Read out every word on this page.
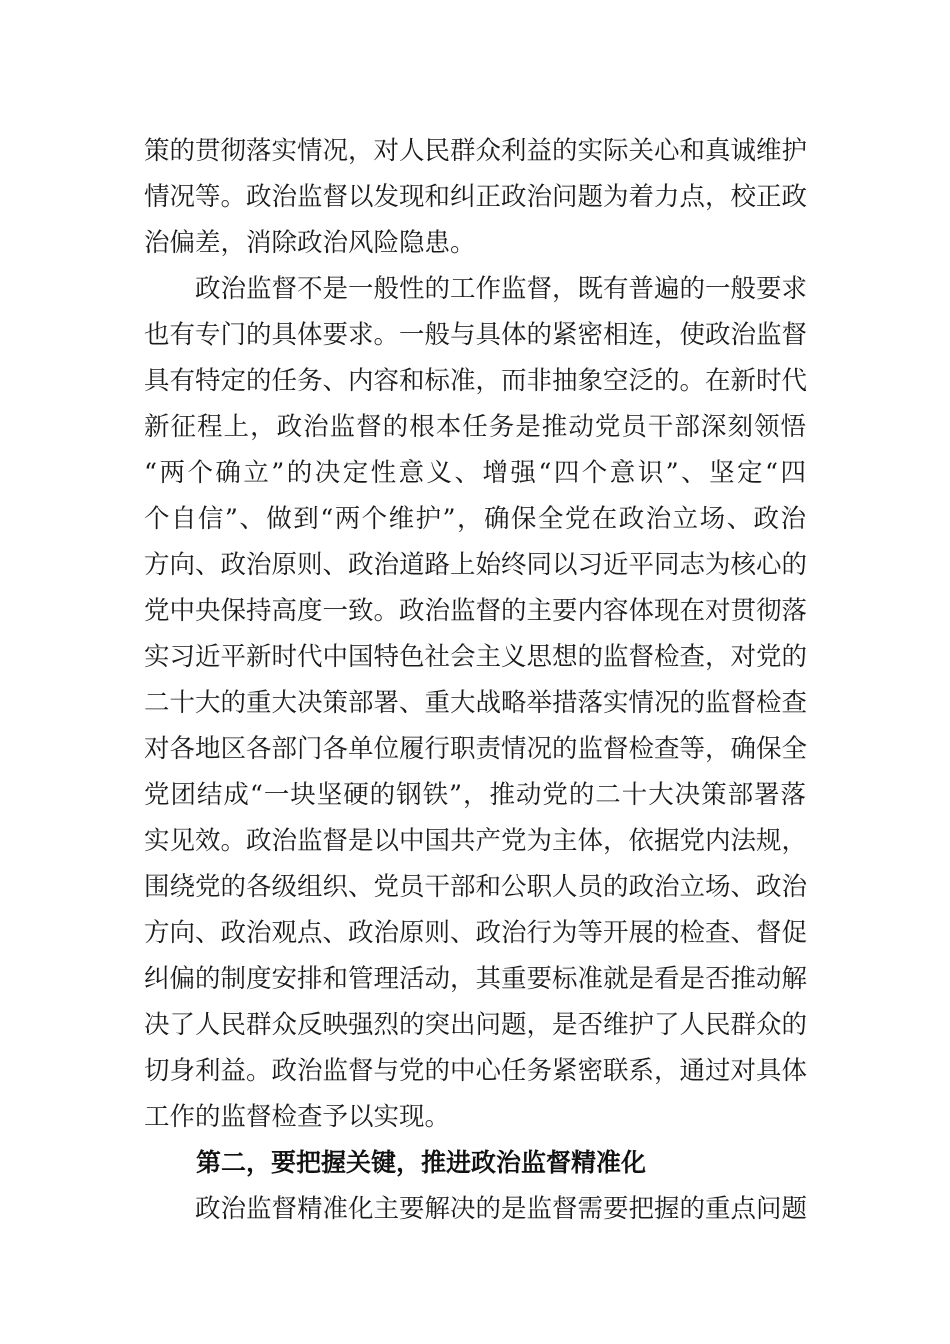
策的贯彻落实情况，对人民群众利益的实际关心和真诚维护
情况等。政治监督以发现和纠正政治问题为着力点，校正政
治偏差，消除政治风险隐患。
　　政治监督不是一般性的工作监督，既有普遍的一般要求
也有专门的具体要求。一般与具体的紧密相连，使政治监督
具有特定的任务、内容和标准，而非抽象空泛的。在新时代
新征程上，政治监督的根本任务是推动党员干部深刻领悟
“两个确立”的决定性意义、增强“四个意识”、坚定“四
个自信”、做到“两个维护”，确保全党在政治立场、政治
方向、政治原则、政治道路上始终同以习近平同志为核心的
党中央保持高度一致。政治监督的主要内容体现在对贯彻落
实习近平新时代中国特色社会主义思想的监督检查，对党的
二十大的重大决策部署、重大战略举措落实情况的监督检查
对各地区各部门各单位履行职责情况的监督检查等，确保全
党团结成“一块坚硬的钢铁”，推动党的二十大决策部署落
实见效。政治监督是以中国共产党为主体，依据党内法规，
围绕党的各级组织、党员干部和公职人员的政治立场、政治
方向、政治观点、政治原则、政治行为等开展的检查、督促
纠偏的制度安排和管理活动，其重要标准就是看是否推动解
决了人民群众反映强烈的突出问题，是否维护了人民群众的
切身利益。政治监督与党的中心任务紧密联系，通过对具体
工作的监督检查予以实现。
第二，要把握关键，推进政治监督精准化
　　政治监督精准化主要解决的是监督需要把握的重点问题
